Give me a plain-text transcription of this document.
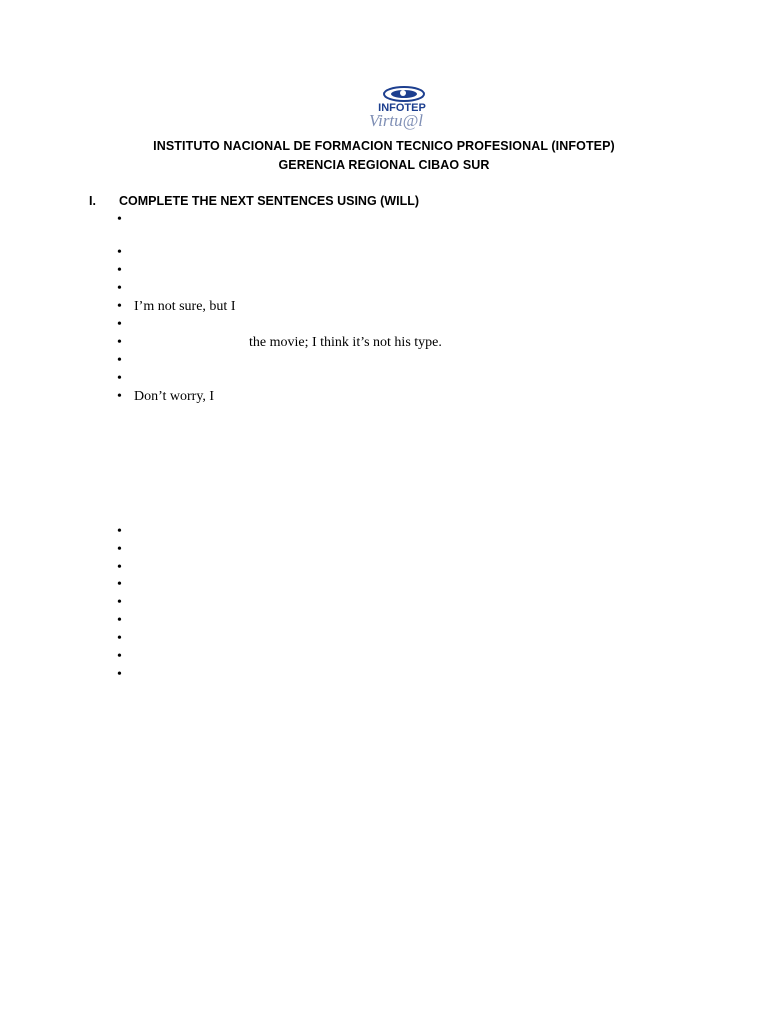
INFOTEP
Virtu@l
INSTITUTO NACIONAL DE FORMACION TECNICO PROFESIONAL (INFOTEP)
GERENCIA REGIONAL CIBAO SUR
I. COMPLETE THE NEXT SENTENCES USING (WILL)
•
•
•
•
• I’m not sure, but I
•
•	the movie; I think it’s not his type.
•
•
• Don’t worry, I
•
•
•
•
•
•
•
•
•
